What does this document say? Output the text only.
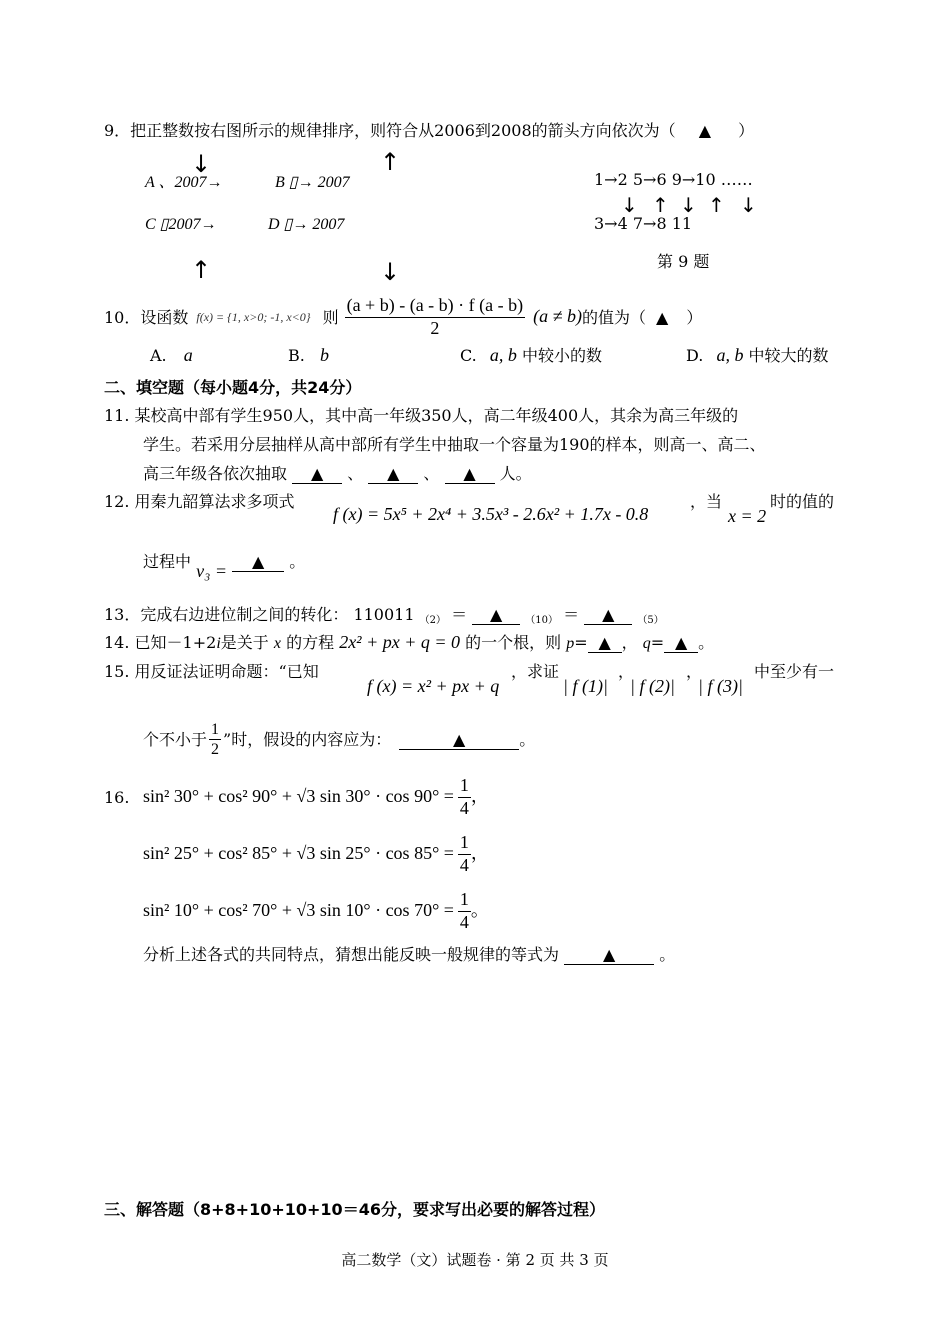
9．把正整数按右图所示的规律排序，则符合从2006到2008的箭头方向依次为（ ▲ ）
↓	↑
A 、2007→	B ▯→ 2007
C ▯2007→	D ▯→ 2007
↑	↓
1→2 5→6 9→10 ……
↓ ↑ ↓ ↑ ↓
3→4 7→8 11
第 9 题
10．设函数 f(x) = {1, x>0; -1, x<0} 则 $\frac{(a + b) - (a - b) \cdot f (a - b)}{2} (a \ne b)$ 的值为（ ▲ ）
A. a	B. b	C. a, b 中较小的数	D. a, b 中较大的数
二、填空题（每小题4分，共24分）
11. 某校高中部有学生950人，其中高一年级350人，高二年级400人，其余为高三年级的
学生。若采用分层抽样从高中部所有学生中抽取一个容量为190的样本，则高一、高二、
高三年级各依次抽取 ▲ 、 ▲ 、 ▲ 人。
12. 用秦九韶算法求多项式
f (x) = 5x⁵ + 2x⁴ + 3.5x³ - 2.6x² + 1.7x - 0.8
，当
x = 2
时的值的
过程中 v₃ = ▲ 。
13．完成右边进位制之间的转化： 110011 $_{(2)}$ ＝ ▲ $_{(10)}$ ＝ ▲ $_{(5)}$
14. 已知－1+2i是关于 x 的方程 2x² + px + q = 0 的一个根，则 p= ▲ ， q= ▲ 。
15. 用反证法证明命题：“已知
f (x) = x² + px + q
，求证
| f (1)|
，
| f (2)|
，
| f (3)|
中至少有一
个不小于 $\frac{1}{2}$ ”时，假设的内容应为：	▲	。
16. sin² 30° + cos² 90° + √3 $\sin 30^\circ \cdot \cos 90^\circ = \frac{1}{4}$ ，
sin² 25° + cos² 85° + √3 $\sin 25^\circ \cdot \cos 85^\circ = \frac{1}{4}$ ，
sin² 10° + cos² 70° + √3 $\sin 10^\circ \cdot \cos 70^\circ = \frac{1}{4}$ 。
分析上述各式的共同特点，猜想出能反映一般规律的等式为	▲	。
三、解答题（8+8+10+10+10＝46分，要求写出必要的解答过程）
高二数学（文）试题卷 · 第 2 页 共 3 页
